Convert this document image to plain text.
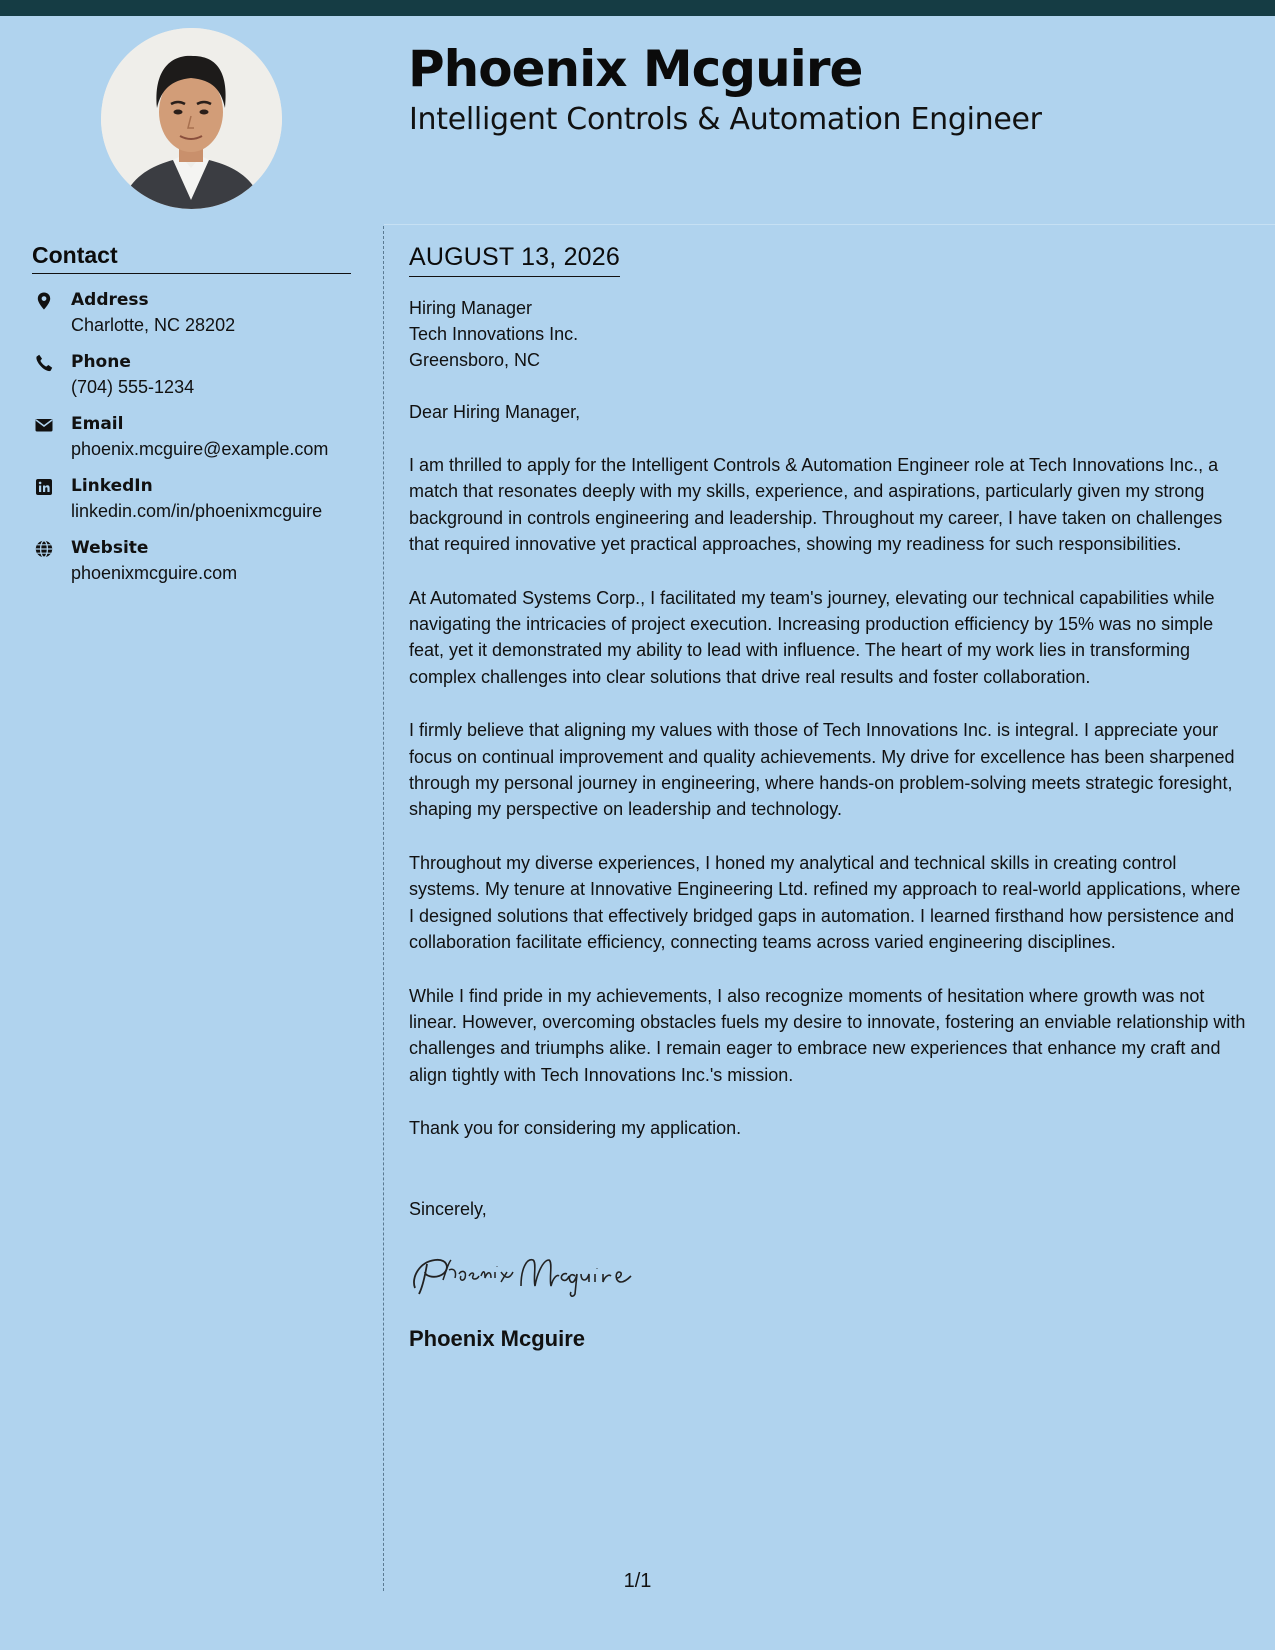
Phoenix Mcguire
Intelligent Controls & Automation Engineer
Contact
Address
Charlotte, NC 28202
Phone
(704) 555-1234
Email
phoenix.mcguire@example.com
LinkedIn
linkedin.com/in/phoenixmcguire
Website
phoenixmcguire.com
AUGUST 13, 2026
Hiring Manager
Tech Innovations Inc.
Greensboro, NC
Dear Hiring Manager,
I am thrilled to apply for the Intelligent Controls & Automation Engineer role at Tech Innovations Inc., a match that resonates deeply with my skills, experience, and aspirations, particularly given my strong background in controls engineering and leadership. Throughout my career, I have taken on challenges that required innovative yet practical approaches, showing my readiness for such responsibilities.
At Automated Systems Corp., I facilitated my team's journey, elevating our technical capabilities while navigating the intricacies of project execution. Increasing production efficiency by 15% was no simple feat, yet it demonstrated my ability to lead with influence. The heart of my work lies in transforming complex challenges into clear solutions that drive real results and foster collaboration.
I firmly believe that aligning my values with those of Tech Innovations Inc. is integral. I appreciate your focus on continual improvement and quality achievements. My drive for excellence has been sharpened through my personal journey in engineering, where hands-on problem-solving meets strategic foresight, shaping my perspective on leadership and technology.
Throughout my diverse experiences, I honed my analytical and technical skills in creating control systems. My tenure at Innovative Engineering Ltd. refined my approach to real-world applications, where I designed solutions that effectively bridged gaps in automation. I learned firsthand how persistence and collaboration facilitate efficiency, connecting teams across varied engineering disciplines.
While I find pride in my achievements, I also recognize moments of hesitation where growth was not linear. However, overcoming obstacles fuels my desire to innovate, fostering an enviable relationship with challenges and triumphs alike. I remain eager to embrace new experiences that enhance my craft and align tightly with Tech Innovations Inc.'s mission.
Thank you for considering my application.
Sincerely,
Phoenix Mcguire
1/1
